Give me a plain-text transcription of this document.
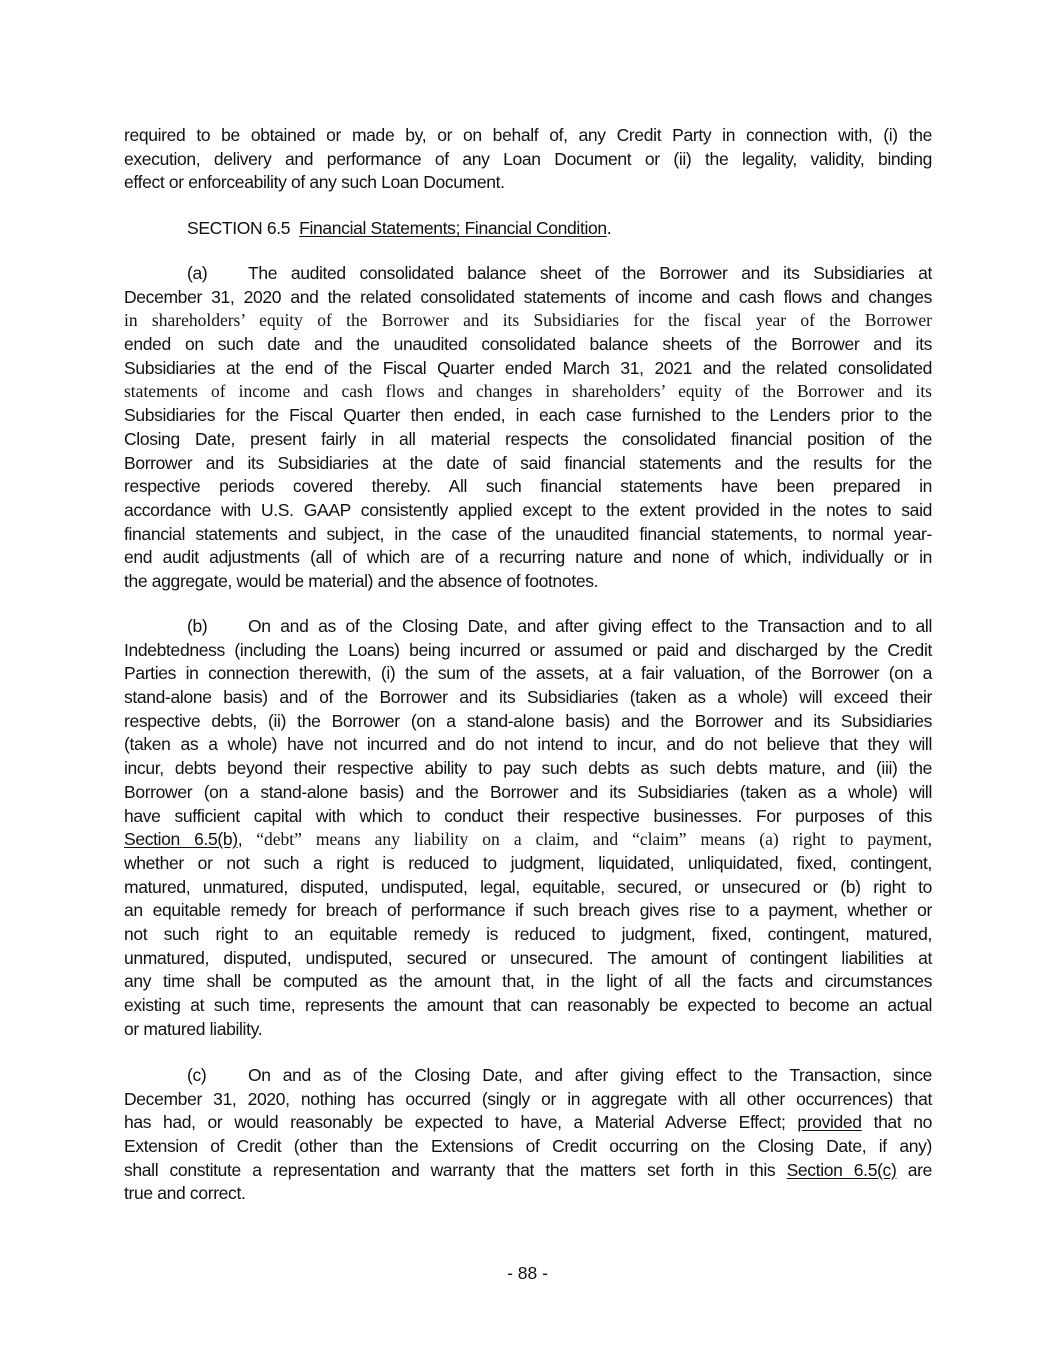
required to be obtained or made by, or on behalf of, any Credit Party in connection with, (i) the
execution, delivery and performance of any Loan Document or (ii) the legality, validity, binding
effect or enforceability of any such Loan Document.
SECTION 6.5 Financial Statements; Financial Condition.
(a) The audited consolidated balance sheet of the Borrower and its Subsidiaries at
December 31, 2020 and the related consolidated statements of income and cash flows and changes
in shareholders’ equity of the Borrower and its Subsidiaries for the fiscal year of the Borrower
ended on such date and the unaudited consolidated balance sheets of the Borrower and its
Subsidiaries at the end of the Fiscal Quarter ended March 31, 2021 and the related consolidated
statements of income and cash flows and changes in shareholders’ equity of the Borrower and its
Subsidiaries for the Fiscal Quarter then ended, in each case furnished to the Lenders prior to the
Closing Date, present fairly in all material respects the consolidated financial position of the
Borrower and its Subsidiaries at the date of said financial statements and the results for the
respective periods covered thereby. All such financial statements have been prepared in
accordance with U.S. GAAP consistently applied except to the extent provided in the notes to said
financial statements and subject, in the case of the unaudited financial statements, to normal year-
end audit adjustments (all of which are of a recurring nature and none of which, individually or in
the aggregate, would be material) and the absence of footnotes.
(b) On and as of the Closing Date, and after giving effect to the Transaction and to all
Indebtedness (including the Loans) being incurred or assumed or paid and discharged by the Credit
Parties in connection therewith, (i) the sum of the assets, at a fair valuation, of the Borrower (on a
stand-alone basis) and of the Borrower and its Subsidiaries (taken as a whole) will exceed their
respective debts, (ii) the Borrower (on a stand-alone basis) and the Borrower and its Subsidiaries
(taken as a whole) have not incurred and do not intend to incur, and do not believe that they will
incur, debts beyond their respective ability to pay such debts as such debts mature, and (iii) the
Borrower (on a stand-alone basis) and the Borrower and its Subsidiaries (taken as a whole) will
have sufficient capital with which to conduct their respective businesses. For purposes of this
Section 6.5(b), “debt” means any liability on a claim, and “claim” means (a) right to payment,
whether or not such a right is reduced to judgment, liquidated, unliquidated, fixed, contingent,
matured, unmatured, disputed, undisputed, legal, equitable, secured, or unsecured or (b) right to
an equitable remedy for breach of performance if such breach gives rise to a payment, whether or
not such right to an equitable remedy is reduced to judgment, fixed, contingent, matured,
unmatured, disputed, undisputed, secured or unsecured. The amount of contingent liabilities at
any time shall be computed as the amount that, in the light of all the facts and circumstances
existing at such time, represents the amount that can reasonably be expected to become an actual
or matured liability.
(c) On and as of the Closing Date, and after giving effect to the Transaction, since
December 31, 2020, nothing has occurred (singly or in aggregate with all other occurrences) that
has had, or would reasonably be expected to have, a Material Adverse Effect; provided that no
Extension of Credit (other than the Extensions of Credit occurring on the Closing Date, if any)
shall constitute a representation and warranty that the matters set forth in this Section 6.5(c) are
true and correct.
- 88 -
